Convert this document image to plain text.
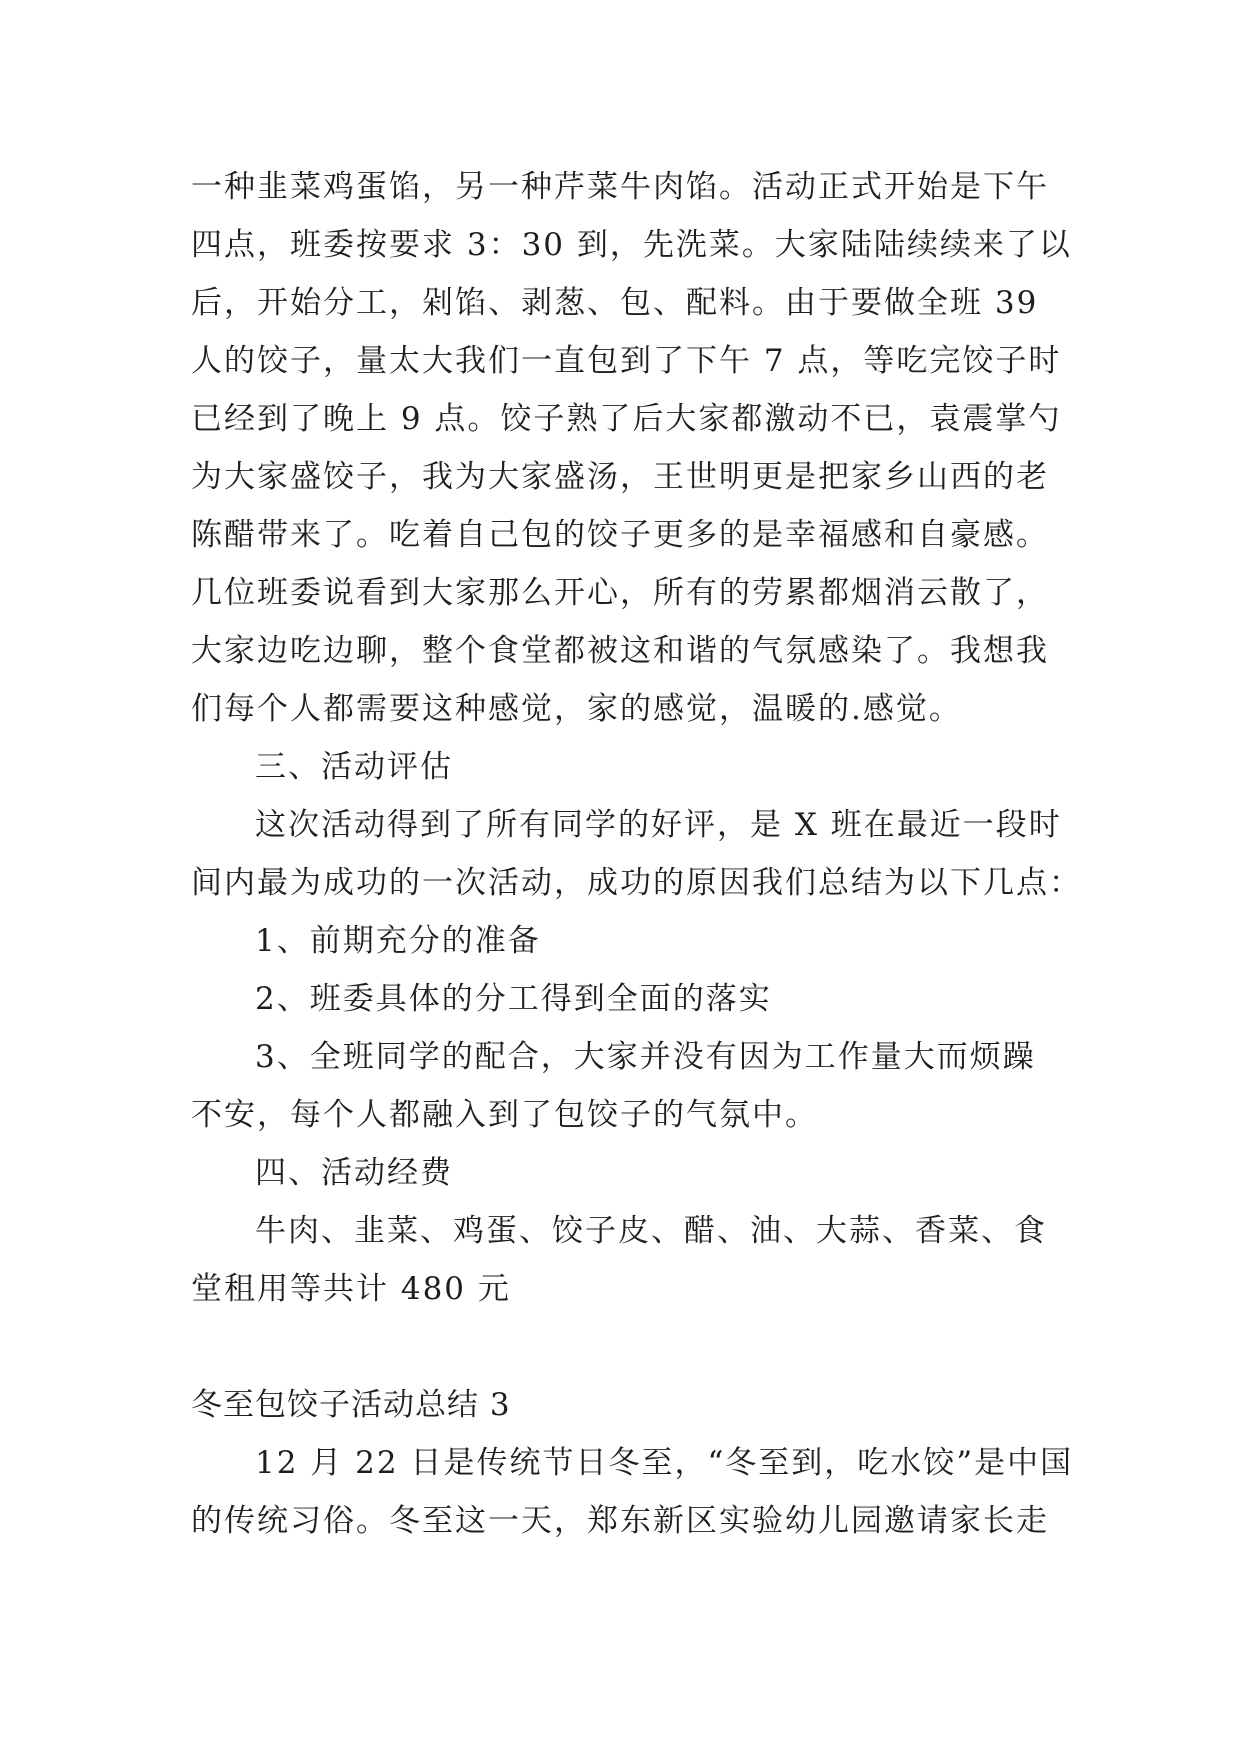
一种韭菜鸡蛋馅，另一种芹菜牛肉馅。活动正式开始是下午
四点，班委按要求 3：30 到，先洗菜。大家陆陆续续来了以
后，开始分工，剁馅、剥葱、包、配料。由于要做全班 39
人的饺子，量太大我们一直包到了下午 7 点，等吃完饺子时
已经到了晚上 9 点。饺子熟了后大家都激动不已，袁震掌勺
为大家盛饺子，我为大家盛汤，王世明更是把家乡山西的老
陈醋带来了。吃着自己包的饺子更多的是幸福感和自豪感。
几位班委说看到大家那么开心，所有的劳累都烟消云散了，
大家边吃边聊，整个食堂都被这和谐的气氛感染了。我想我
们每个人都需要这种感觉，家的感觉，温暖的.感觉。
三、活动评估
这次活动得到了所有同学的好评，是 X 班在最近一段时
间内最为成功的一次活动，成功的原因我们总结为以下几点：
1、前期充分的准备
2、班委具体的分工得到全面的落实
3、全班同学的配合，大家并没有因为工作量大而烦躁
不安，每个人都融入到了包饺子的气氛中。
四、活动经费
牛肉、韭菜、鸡蛋、饺子皮、醋、油、大蒜、香菜、食
堂租用等共计 480 元
冬至包饺子活动总结 3
12 月 22 日是传统节日冬至，“冬至到，吃水饺”是中国
的传统习俗。冬至这一天，郑东新区实验幼儿园邀请家长走
